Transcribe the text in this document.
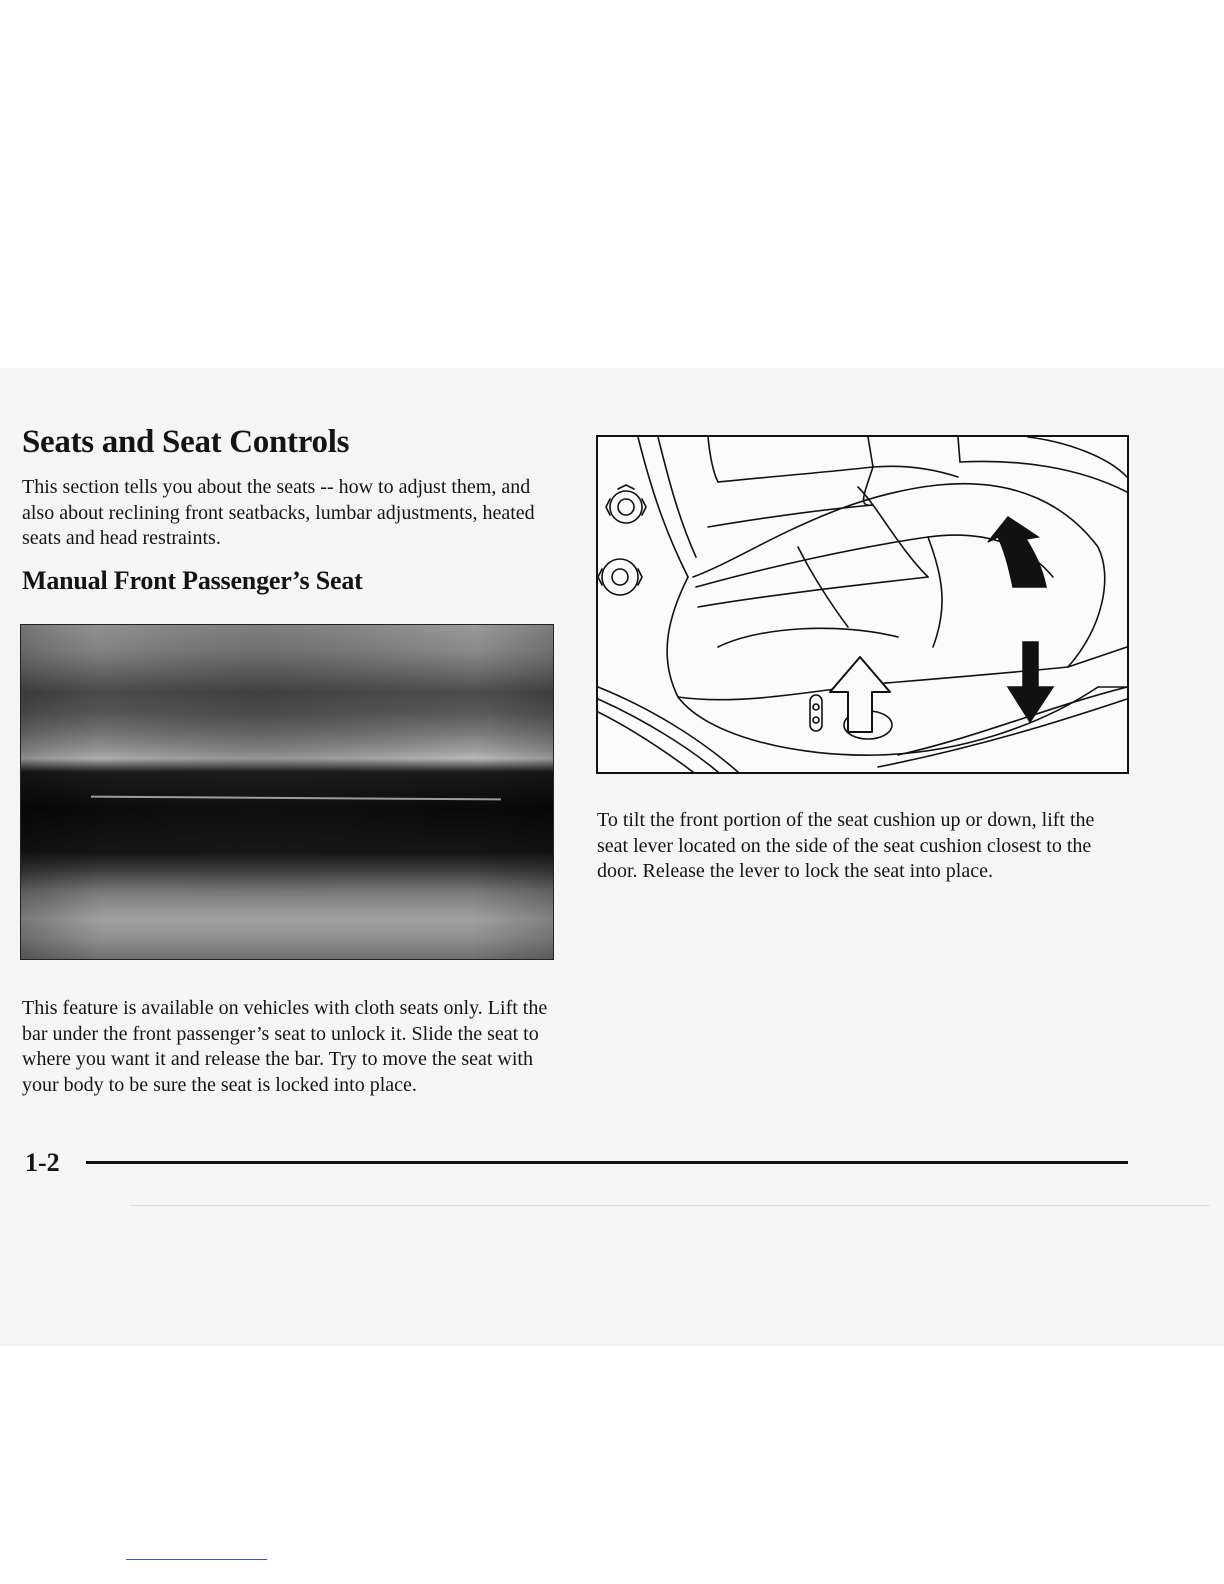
Seats and Seat Controls

This section tells you about the seats -- how to adjust them, and also about reclining front seatbacks, lumbar adjustments, heated seats and head restraints.

Manual Front Passenger’s Seat

This feature is available on vehicles with cloth seats only. Lift the bar under the front passenger’s seat to unlock it. Slide the seat to where you want it and release the bar. Try to move the seat with your body to be sure the seat is locked into place.

To tilt the front portion of the seat cushion up or down, lift the seat lever located on the side of the seat cushion closest to the door. Release the lever to lock the seat into place.

1-2
